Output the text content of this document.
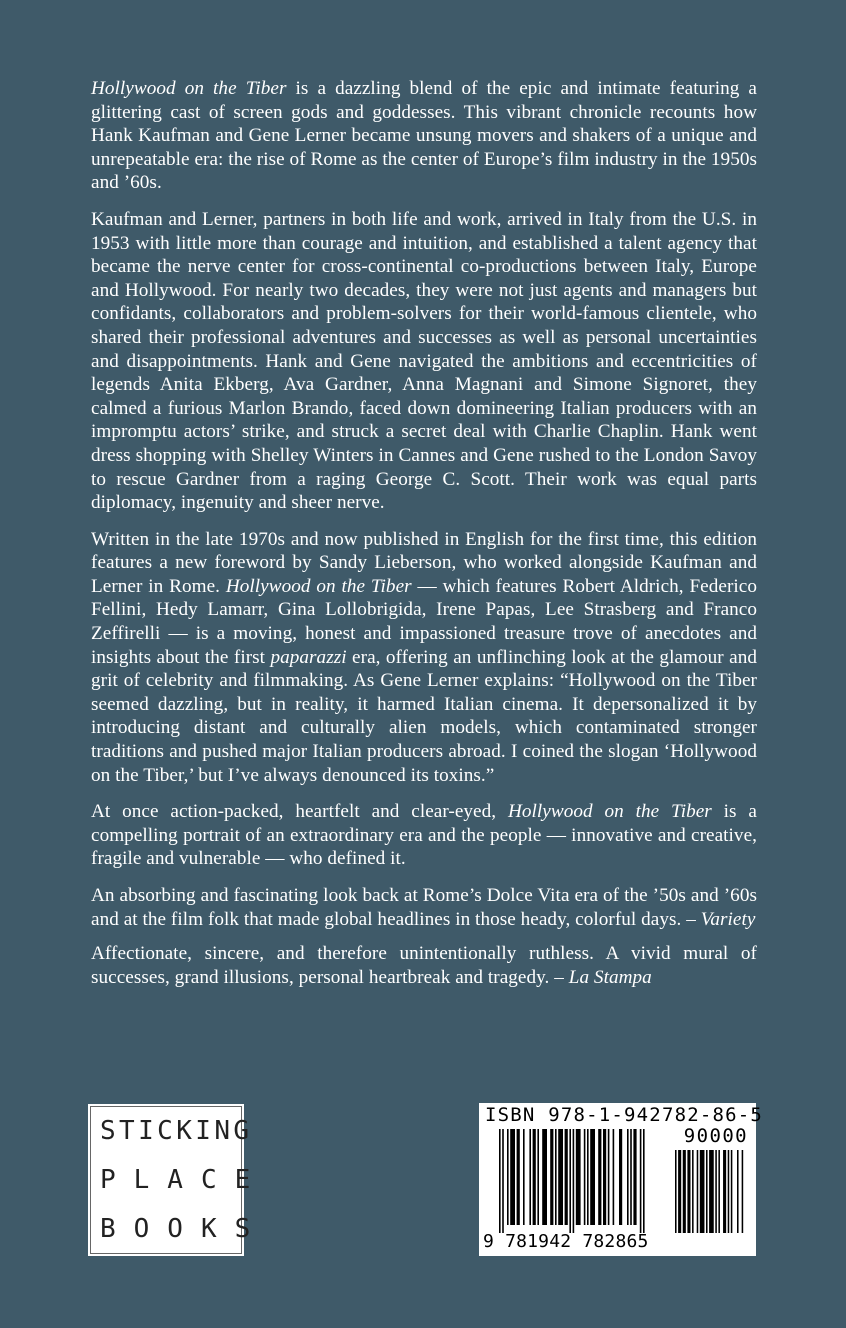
Hollywood on the Tiber is a dazzling blend of the epic and intimate featuring a glittering cast of screen gods and goddesses. This vibrant chronicle recounts how Hank Kaufman and Gene Lerner became unsung movers and shakers of a unique and unrepeatable era: the rise of Rome as the center of Europe’s film industry in the 1950s and ’60s.

Kaufman and Lerner, partners in both life and work, arrived in Italy from the U.S. in 1953 with little more than courage and intuition, and established a talent agency that became the nerve center for cross-continental co-productions between Italy, Europe and Hollywood. For nearly two decades, they were not just agents and managers but confidants, collaborators and problem-solvers for their world-famous clientele, who shared their professional adventures and successes as well as personal uncertainties and disappointments. Hank and Gene navigated the ambitions and eccentricities of legends Anita Ekberg, Ava Gardner, Anna Magnani and Simone Signoret, they calmed a furious Marlon Brando, faced down domineering Italian producers with an impromptu actors’ strike, and struck a secret deal with Charlie Chaplin. Hank went dress shopping with Shelley Winters in Cannes and Gene rushed to the London Savoy to rescue Gardner from a raging George C. Scott. Their work was equal parts diplomacy, ingenuity and sheer nerve.

Written in the late 1970s and now published in English for the first time, this edition features a new foreword by Sandy Lieberson, who worked alongside Kaufman and Lerner in Rome. Hollywood on the Tiber — which features Robert Aldrich, Federico Fellini, Hedy Lamarr, Gina Lollobrigida, Irene Papas, Lee Strasberg and Franco Zeffirelli — is a moving, honest and impassioned treasure trove of anecdotes and insights about the first paparazzi era, offering an unflinching look at the glamour and grit of celebrity and filmmaking. As Gene Lerner explains: “Hollywood on the Tiber seemed dazzling, but in reality, it harmed Italian cinema. It depersonalized it by introducing distant and culturally alien models, which contaminated stronger traditions and pushed major Italian producers abroad. I coined the slogan ‘Hollywood on the Tiber,’ but I’ve always denounced its toxins.”

At once action-packed, heartfelt and clear-eyed, Hollywood on the Tiber is a compelling portrait of an extraordinary era and the people — innovative and creative, fragile and vulnerable — who defined it.

An absorbing and fascinating look back at Rome’s Dolce Vita era of the ’50s and ’60s and at the film folk that made global headlines in those heady, colorful days. – Variety

Affectionate, sincere, and therefore unintentionally ruthless. A vivid mural of successes, grand illusions, personal heartbreak and tragedy. – La Stampa

STICKING
PLACE
BOOKS
ISBN 978-1-942782-86-5
90000
9 781942 782865
